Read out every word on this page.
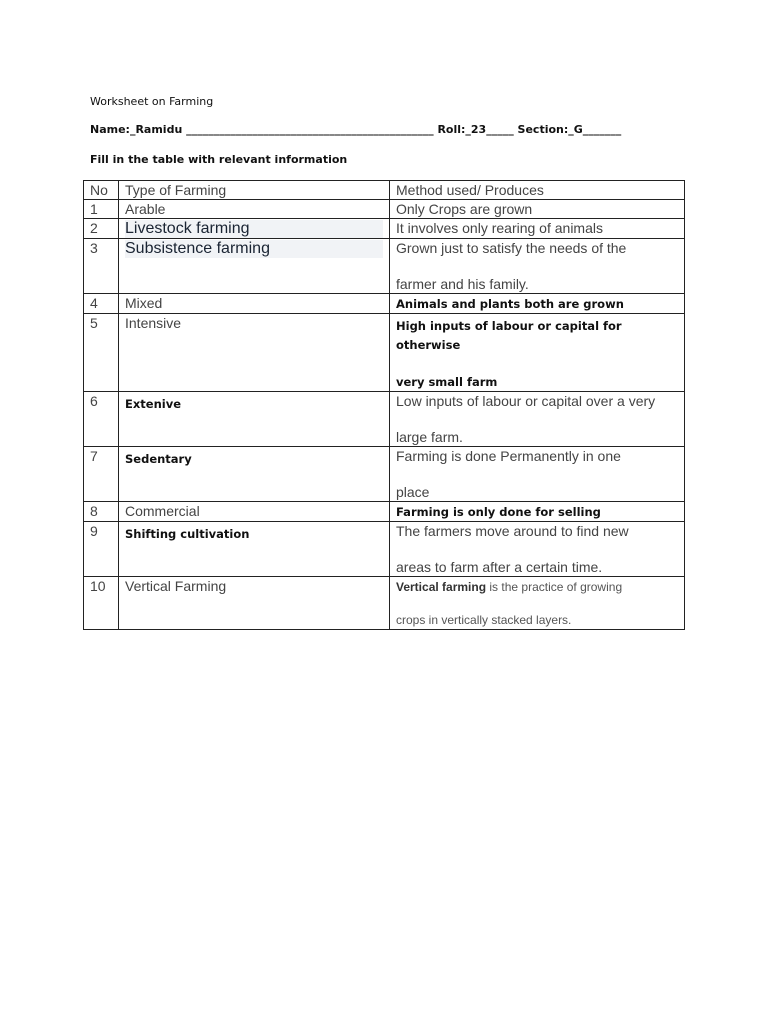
Worksheet on Farming
Name:_Ramidu _____________________________________________ Roll:_23_____ Section:_G_______
Fill in the table with relevant information
No	Type of Farming	Method used/ Produces
1	Arable	Only Crops are grown
2	Livestock farming	It involves only rearing of animals
3	Subsistence farming	Grown just to satisfy the needs of the
farmer and his family.
4	Mixed	Animals and plants both are grown
5	Intensive	High inputs of labour or capital for otherwise
very small farm
6	Extenive	Low inputs of labour or capital over a very
large farm.
7	Sedentary	Farming is done Permanently in one
place
8	Commercial	Farming is only done for selling
9	Shifting cultivation	The farmers move around to find new
areas to farm after a certain time.
10	Vertical Farming	Vertical farming is the practice of growing
crops in vertically stacked layers.
